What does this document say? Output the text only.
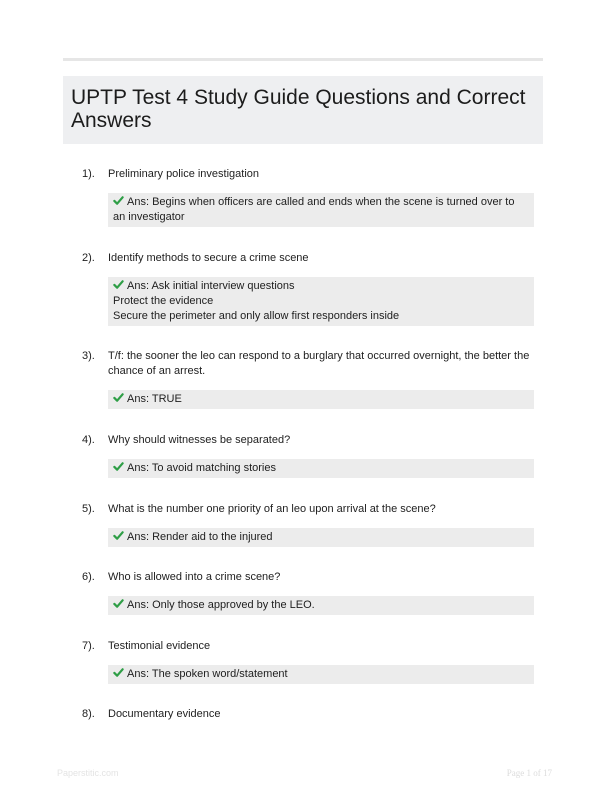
UPTP Test 4 Study Guide Questions and Correct Answers
1). Preliminary police investigation
Ans: Begins when officers are called and ends when the scene is turned over to an investigator
2). Identify methods to secure a crime scene
Ans: Ask initial interview questions
Protect the evidence
Secure the perimeter and only allow first responders inside
3). T/f: the sooner the leo can respond to a burglary that occurred overnight, the better the chance of an arrest.
Ans: TRUE
4). Why should witnesses be separated?
Ans: To avoid matching stories
5). What is the number one priority of an leo upon arrival at the scene?
Ans: Render aid to the injured
6). Who is allowed into a crime scene?
Ans: Only those approved by the LEO.
7). Testimonial evidence
Ans: The spoken word/statement
8). Documentary evidence
Paperstitic.com	Page 1 of 17
